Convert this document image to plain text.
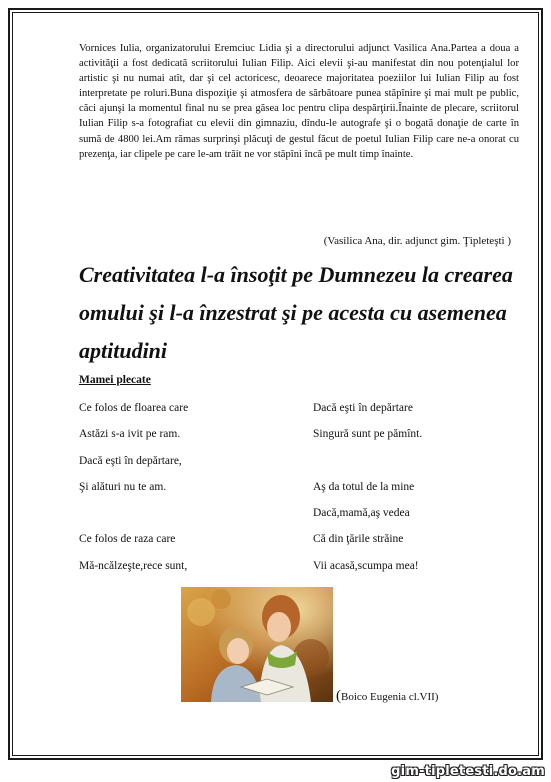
Vornices Iulia, organizatorului Eremciuc Lidia şi a directorului adjunct Vasilica Ana.Partea a doua a activităţii a fost dedicată scriitorului Iulian Filip. Aici elevii şi-au manifestat din nou potenţialul lor artistic şi nu numai atît, dar şi cel actoricesc, deoarece majoritatea poeziilor lui Iulian Filip au fost interpretate pe roluri.Buna dispoziţie şi atmosfera de sărbătoare punea stăpînire şi mai mult pe public, căci ajunşi la momentul final nu se prea găsea loc pentru clipa despărţirii.Înainte de plecare, scriitorul Iulian Filip s-a fotografiat cu elevii din gimnaziu, dîndu-le autografe şi o bogată donaţie de carte în sumă de 4800 lei.Am rămas surprinşi plăcuţi de gestul făcut de poetul Iulian Filip care ne-a onorat cu prezenţa, iar clipele pe care le-am trăit ne vor stăpîni încă pe mult timp înainte.

(Vasilica Ana, dir. adjunct gim. Ţipleteşti )

Creativitatea l-a însoţit pe Dumnezeu la crearea omului şi l-a înzestrat şi pe acesta cu asemenea aptitudini

Mamei plecate

Ce folos de floarea care

Astăzi s-a ivit pe ram.

Dacă eşti în depărtare,

Şi alături nu te am.

Ce folos de raza care

Mă-ncălzeşte,rece sunt,

Dacă eşti în depărtare

Singură sunt pe pămînt.

Aş da totul de la mine

Dacă,mamă,aş vedea

Că din ţările străine

Vii acasă,scumpa mea!

(Boico Eugenia cl.VII)

gim-tipletesti.do.am
